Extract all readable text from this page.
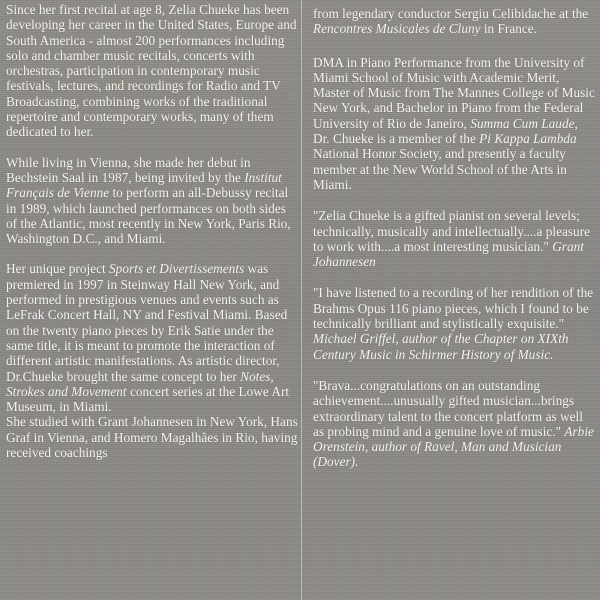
Since her first recital at age 8, Zelia Chueke has been developing her career in the United States, Europe and South America - almost 200 performances including solo and chamber music recitals, concerts with orchestras, participation in contemporary music festivals, lectures, and recordings for Radio and TV Broadcasting, combining works of the traditional repertoire and contemporary works, many of them dedicated to her.

While living in Vienna, she made her debut in Bechstein Saal in 1987, being invited by the Institut Français de Vienne to perform an all-Debussy recital in 1989, which launched performances on both sides of the Atlantic, most recently in New York, Paris Rio, Washington D.C., and Miami.

Her unique project Sports et Divertissements was premiered in 1997 in Steinway Hall New York, and performed in prestigious venues and events such as LeFrak Concert Hall, NY and Festival Miami. Based on the twenty piano pieces by Erik Satie under the same title, it is meant to promote the interaction of different artistic manifestations. As artistic director, Dr.Chueke brought the same concept to her Notes, Strokes and Movement concert series at the Lowe Art Museum, in Miami.

She studied with Grant Johannesen in New York, Hans Graf in Vienna, and Homero Magalhães in Rio, having received coachings

from legendary conductor Sergiu Celibidache at the Rencontres Musicales de Cluny in France.

DMA in Piano Performance from the University of Miami School of Music with Academic Merit, Master of Music from The Mannes College of Music New York, and Bachelor in Piano from the Federal University of Rio de Janeiro, Summa Cum Laude, Dr. Chueke is a member of the Pi Kappa Lambda National Honor Society, and presently a faculty member at the New World School of the Arts in Miami.

"Zelia Chueke is a gifted pianist on several levels; technically, musically and intellectually....a pleasure to work with....a most interesting musician." Grant Johannesen

"I have listened to a recording of her rendition of the Brahms Opus 116 piano pieces, which I found to be technically brilliant and stylistically exquisite." Michael Griffel, author of the Chapter on XIXth Century Music in Schirmer History of Music.

"Brava...congratulations on an outstanding achievement....unusually gifted musician...brings extraordinary talent to the concert platform as well as probing mind and a genuine love of music." Arbie Orenstein, author of Ravel, Man and Musician (Dover).
